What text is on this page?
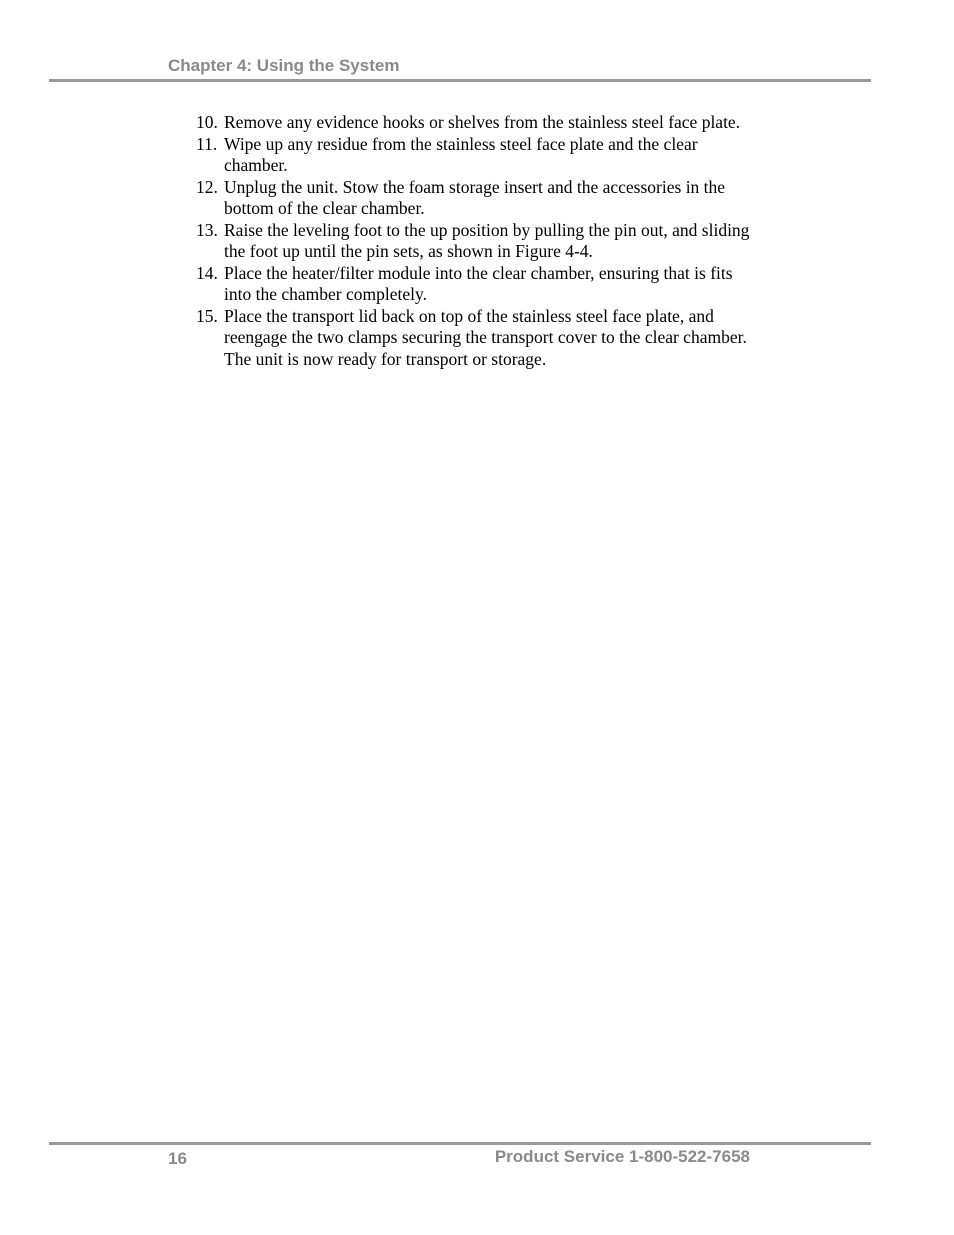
Chapter 4: Using the System
10. Remove any evidence hooks or shelves from the stainless steel face plate.
11. Wipe up any residue from the stainless steel face plate and the clear chamber.
12. Unplug the unit. Stow the foam storage insert and the accessories in the bottom of the clear chamber.
13. Raise the leveling foot to the up position by pulling the pin out, and sliding the foot up until the pin sets, as shown in Figure 4-4.
14. Place the heater/filter module into the clear chamber, ensuring that is fits into the chamber completely.
15. Place the transport lid back on top of the stainless steel face plate, and reengage the two clamps securing the transport cover to the clear chamber. The unit is now ready for transport or storage.
16	Product Service 1-800-522-7658
